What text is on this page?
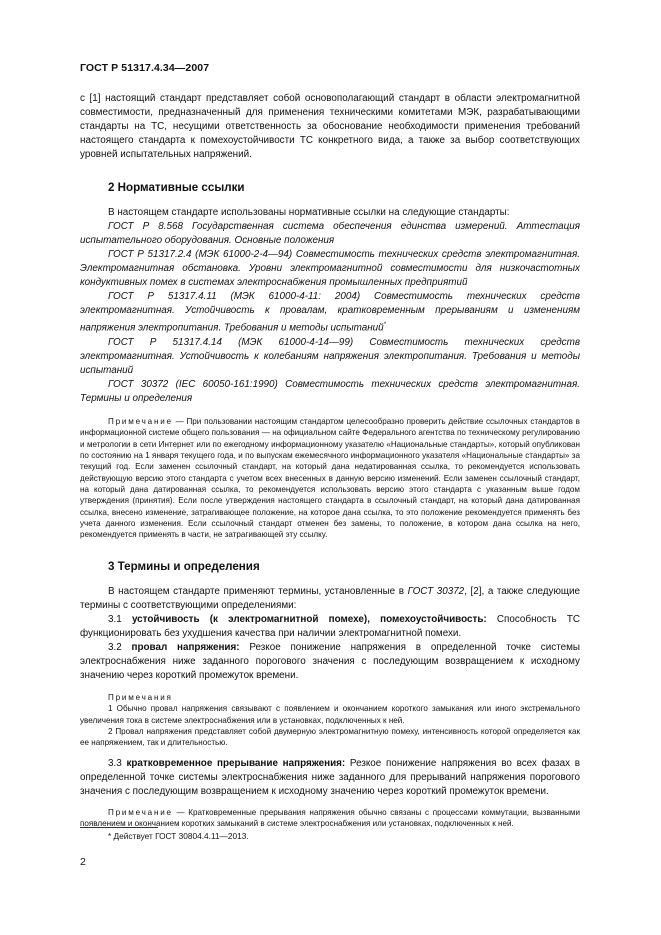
ГОСТ Р 51317.4.34—2007

с [1] настоящий стандарт представляет собой основополагающий стандарт в области электромагнитной совместимости, предназначенный для применения техническими комитетами МЭК, разрабатывающими стандарты на ТС, несущими ответственность за обоснование необходимости применения требований настоящего стандарта к помехоустойчивости ТС конкретного вида, а также за выбор соответствующих уровней испытательных напряжений.

2 Нормативные ссылки

В настоящем стандарте использованы нормативные ссылки на следующие стандарты:

ГОСТ Р 8.568 Государственная система обеспечения единства измерений. Аттестация испытательного оборудования. Основные положения

ГОСТ Р 51317.2.4 (МЭК 61000-2-4—94) Совместимость технических средств электромагнитная. Электромагнитная обстановка. Уровни электромагнитной совместимости для низкочастотных кондуктивных помех в системах электроснабжения промышленных предприятий

ГОСТ Р 51317.4.11 (МЭК 61000-4-11: 2004) Совместимость технических средств электромагнитная. Устойчивость к провалам, кратковременным прерываниям и изменениям напряжения электропитания. Требования и методы испытаний*

ГОСТ Р 51317.4.14 (МЭК 61000-4-14—99) Совместимость технических средств электромагнитная. Устойчивость к колебаниям напряжения электропитания. Требования и методы испытаний

ГОСТ 30372 (IEC 60050-161:1990) Совместимость технических средств электромагнитная. Термины и определения

Примечание — При пользовании настоящим стандартом целесообразно проверить действие ссылочных стандартов в информационной системе общего пользования — на официальном сайте Федерального агентства по техническому регулированию и метрологии в сети Интернет или по ежегодному информационному указателю «Национальные стандарты», который опубликован по состоянию на 1 января текущего года, и по выпускам ежемесячного информационного указателя «Национальные стандарты» за текущий год. Если заменен ссылочный стандарт, на который дана недатированная ссылка, то рекомендуется использовать действующую версию этого стандарта с учетом всех внесенных в данную версию изменений. Если заменен ссылочный стандарт, на который дана датированная ссылка, то рекомендуется использовать версию этого стандарта с указанным выше годом утверждения (принятия). Если после утверждения настоящего стандарта в ссылочный стандарт, на который дана датированная ссылка, внесено изменение, затрагивающее положение, на которое дана ссылка, то это положение рекомендуется применять без учета данного изменения. Если ссылочный стандарт отменен без замены, то положение, в котором дана ссылка на него, рекомендуется применять в части, не затрагивающей эту ссылку.

3 Термины и определения

В настоящем стандарте применяют термины, установленные в ГОСТ 30372, [2], а также следующие термины с соответствующими определениями:

3.1 устойчивость (к электромагнитной помехе), помехоустойчивость: Способность ТС функционировать без ухудшения качества при наличии электромагнитной помехи.

3.2 провал напряжения: Резкое понижение напряжения в определенной точке системы электроснабжения ниже заданного порогового значения с последующим возвращением к исходному значению через короткий промежуток времени.

Примечания

1 Обычно провал напряжения связывают с появлением и окончанием короткого замыкания или иного экстремального увеличения тока в системе электроснабжения или в установках, подключенных к ней.

2 Провал напряжения представляет собой двумерную электромагнитную помеху, интенсивность которой определяется как ее напряжением, так и длительностью.

3.3 кратковременное прерывание напряжения: Резкое понижение напряжения во всех фазах в определенной точке системы электроснабжения ниже заданного для прерываний напряжения порогового значения с последующим возвращением к исходному значению через короткий промежуток времени.

Примечание — Кратковременные прерывания напряжения обычно связаны с процессами коммутации, вызванными появлением и окончанием коротких замыканий в системе электроснабжения или установках, подключенных к ней.

* Действует ГОСТ 30804.4.11—2013.
2
